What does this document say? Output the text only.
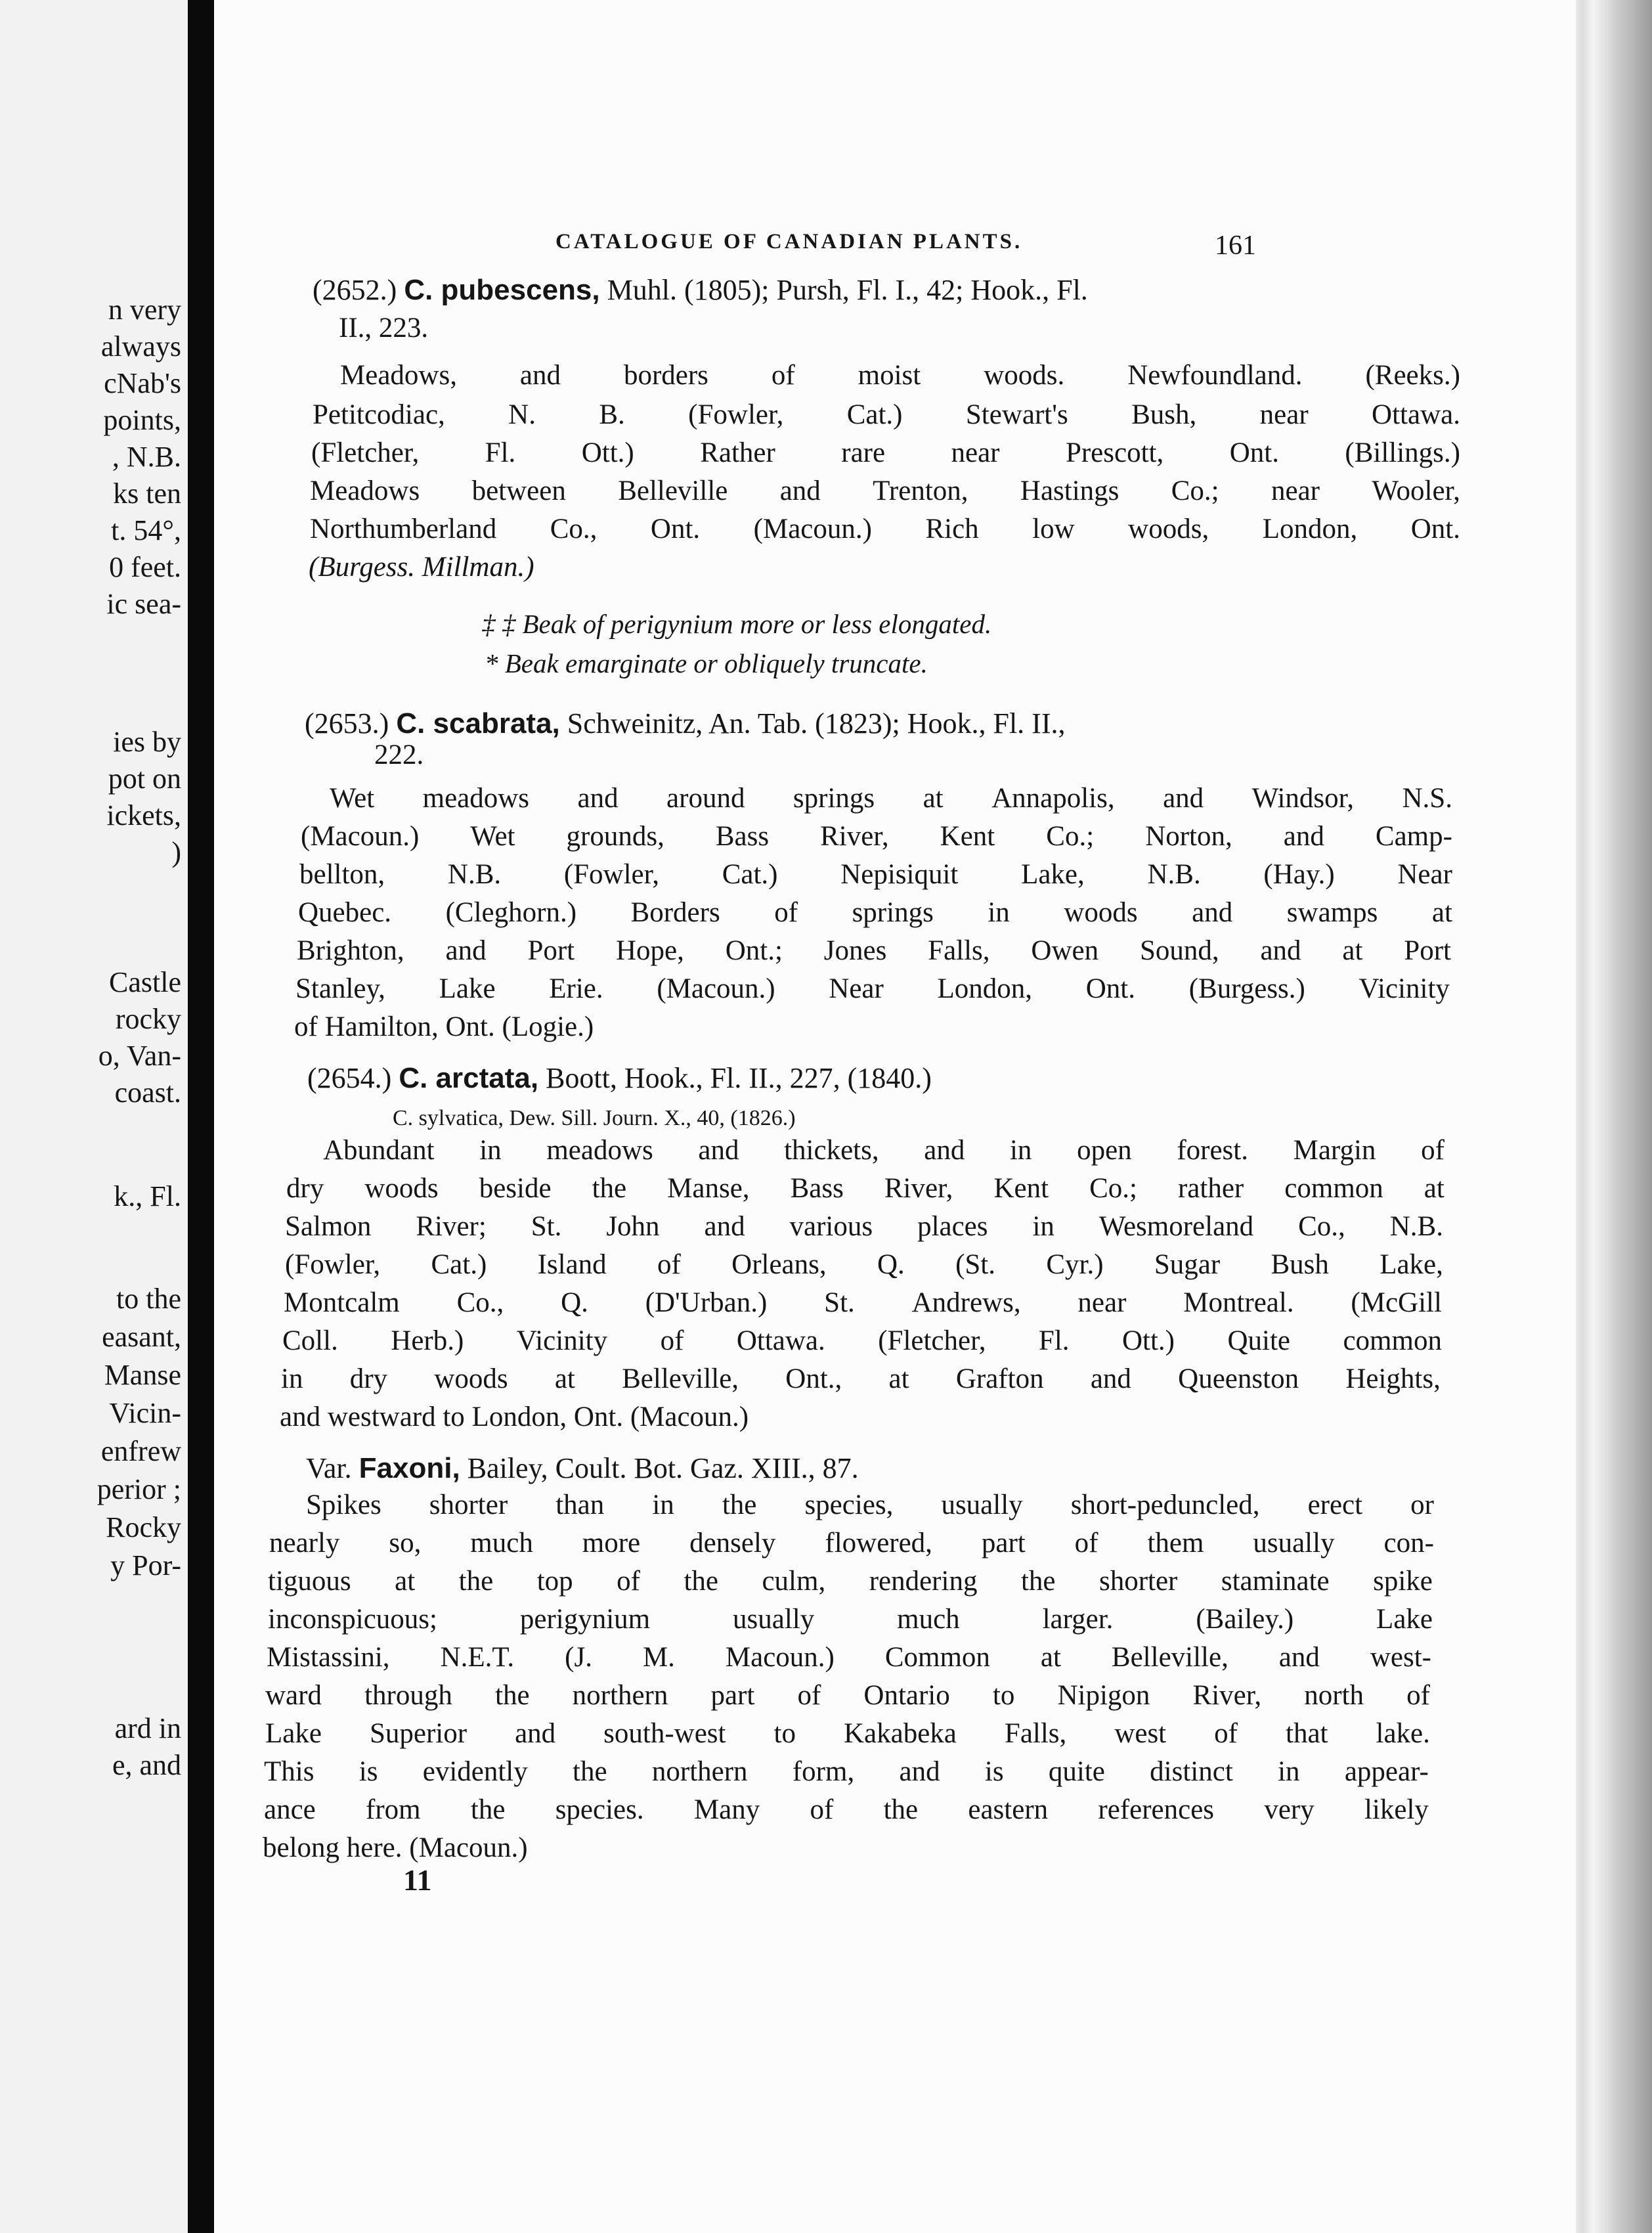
n very
always
cNab's
points,
, N.B.
ks ten
t. 54°,
0 feet.
ic sea-
ies by
pot on
ickets,
)
Castle
rocky
o, Van-
coast.
k., Fl.
to the
easant,
Manse
Vicin-
enfrew
perior ;
Rocky
y Por-
ard in
e, and
CATALOGUE OF CANADIAN PLANTS.	161
(2652.) C. pubescens, Muhl. (1805); Pursh, Fl. I., 42; Hook., Fl.
II., 223.
Meadows, and borders of moist woods. Newfoundland. (Reeks.)
Petitcodiac, N. B. (Fowler, Cat.) Stewart's Bush, near Ottawa.
(Fletcher, Fl. Ott.) Rather rare near Prescott, Ont. (Billings.)
Meadows between Belleville and Trenton, Hastings Co.; near Wooler,
Northumberland Co., Ont. (Macoun.) Rich low woods, London, Ont.
(Burgess. Millman.)
‡ ‡ Beak of perigynium more or less elongated.
* Beak emarginate or obliquely truncate.
(2653.) C. scabrata, Schweinitz, An. Tab. (1823); Hook., Fl. II.,
222.
Wet meadows and around springs at Annapolis, and Windsor, N.S.
(Macoun.) Wet grounds, Bass River, Kent Co.; Norton, and Camp-
bellton, N.B. (Fowler, Cat.) Nepisiquit Lake, N.B. (Hay.) Near
Quebec. (Cleghorn.) Borders of springs in woods and swamps at
Brighton, and Port Hope, Ont.; Jones Falls, Owen Sound, and at Port
Stanley, Lake Erie. (Macoun.) Near London, Ont. (Burgess.) Vicinity
of Hamilton, Ont. (Logie.)
(2654.) C. arctata, Boott, Hook., Fl. II., 227, (1840.)
C. sylvatica, Dew. Sill. Journ. X., 40, (1826.)
Abundant in meadows and thickets, and in open forest. Margin of
dry woods beside the Manse, Bass River, Kent Co.; rather common at
Salmon River; St. John and various places in Wesmoreland Co., N.B.
(Fowler, Cat.) Island of Orleans, Q. (St. Cyr.) Sugar Bush Lake,
Montcalm Co., Q. (D'Urban.) St. Andrews, near Montreal. (McGill
Coll. Herb.) Vicinity of Ottawa. (Fletcher, Fl. Ott.) Quite common
in dry woods at Belleville, Ont., at Grafton and Queenston Heights,
and westward to London, Ont. (Macoun.)
Var. Faxoni, Bailey, Coult. Bot. Gaz. XIII., 87.
Spikes shorter than in the species, usually short-peduncled, erect or
nearly so, much more densely flowered, part of them usually con-
tiguous at the top of the culm, rendering the shorter staminate spike
inconspicuous;	perigynium	usually	much	larger.	(Bailey.)	Lake
Mistassini, N.E.T. (J. M. Macoun.) Common at Belleville, and west-
ward through the northern part of Ontario to Nipigon River, north of
Lake Superior and south-west to Kakabeka Falls, west of that lake.
This is evidently the northern form, and is quite distinct in appear-
ance from the species. Many of the eastern references very likely
belong here. (Macoun.)
11
